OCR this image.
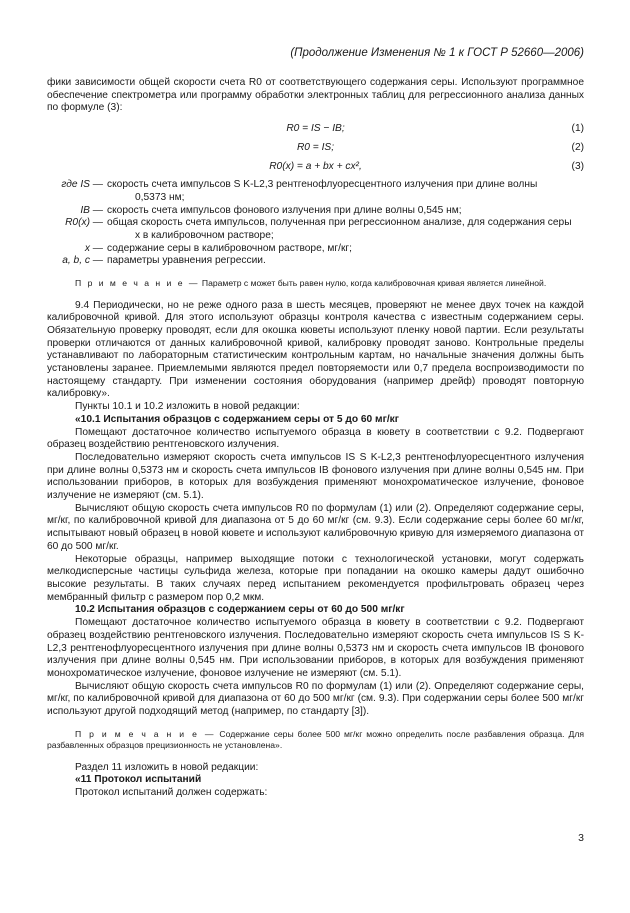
(Продолжение Изменения № 1 к ГОСТ Р 52660—2006)

фики зависимости общей скорости счета R0 от соответствующего содержания серы. Используют программное обеспечение спектрометра или программу обработки электронных таблиц для регрессионного анализа данных по формуле (3):

R0 = IS − IB;	(1)
R0 = IS;	(2)
R0(x) = a + bx + cx²,	(3)
где IS — скорость счета импульсов S K-L2,3 рентгенофлуоресцентного излучения при длине волны
0,5373 нм;
IB — скорость счета импульсов фонового излучения при длине волны 0,545 нм;
R0(x) — общая скорость счета импульсов, полученная при регрессионном анализе, для содержания серы
x в калибровочном растворе;
x — содержание серы в калибровочном растворе, мг/кг;
a, b, c — параметры уравнения регрессии.

П р и м е ч а н и е — Параметр c может быть равен нулю, когда калибровочная кривая является линейной.

9.4 Периодически, но не реже одного раза в шесть месяцев, проверяют не менее двух точек на каждой калибровочной кривой. Для этого используют образцы контроля качества с известным содержанием серы. Обязательную проверку проводят, если для окошка кюветы используют пленку новой партии. Если результаты проверки отличаются от данных калибровочной кривой, калибровку проводят заново. Контрольные пределы устанавливают по лабораторным статистическим контрольным картам, но начальные значения должны быть установлены заранее. Приемлемыми являются предел повторяемости или 0,7 предела воспроизводимости по настоящему стандарту. При изменении состояния оборудования (например дрейф) проводят повторную калибровку».

Пункты 10.1 и 10.2 изложить в новой редакции:

«10.1 Испытания образцов с содержанием серы от 5 до 60 мг/кг

Помещают достаточное количество испытуемого образца в кювету в соответствии с 9.2. Подвергают образец воздействию рентгеновского излучения.

Последовательно измеряют скорость счета импульсов IS S K-L2,3 рентгенофлуоресцентного излучения при длине волны 0,5373 нм и скорость счета импульсов IB фонового излучения при длине волны 0,545 нм. При использовании приборов, в которых для возбуждения применяют монохроматическое излучение, фоновое излучение не измеряют (см. 5.1).

Вычисляют общую скорость счета импульсов R0 по формулам (1) или (2). Определяют содержание серы, мг/кг, по калибровочной кривой для диапазона от 5 до 60 мг/кг (см. 9.3). Если содержание серы более 60 мг/кг, испытывают новый образец в новой кювете и используют калибровочную кривую для измеряемого диапазона от 60 до 500 мг/кг.

Некоторые образцы, например выходящие потоки с технологической установки, могут содержать мелкодисперсные частицы сульфида железа, которые при попадании на окошко камеры дадут ошибочно высокие результаты. В таких случаях перед испытанием рекомендуется профильтровать образец через мембранный фильтр с размером пор 0,2 мкм.

10.2 Испытания образцов с содержанием серы от 60 до 500 мг/кг

Помещают достаточное количество испытуемого образца в кювету в соответствии с 9.2. Подвергают образец воздействию рентгеновского излучения. Последовательно измеряют скорость счета импульсов IS S K-L2,3 рентгенофлуоресцентного излучения при длине волны 0,5373 нм и скорость счета импульсов IB фонового излучения при длине волны 0,545 нм. При использовании приборов, в которых для возбуждения применяют монохроматическое излучение, фоновое излучение не измеряют (см. 5.1).

Вычисляют общую скорость счета импульсов R0 по формулам (1) или (2). Определяют содержание серы, мг/кг, по калибровочной кривой для диапазона от 60 до 500 мг/кг (см. 9.3). При содержании серы более 500 мг/кг используют другой подходящий метод (например, по стандарту [3]).

П р и м е ч а н и е — Содержание серы более 500 мг/кг можно определить после разбавления образца. Для разбавленных образцов прецизионность не установлена».

Раздел 11 изложить в новой редакции:

«11 Протокол испытаний

Протокол испытаний должен содержать:

3
